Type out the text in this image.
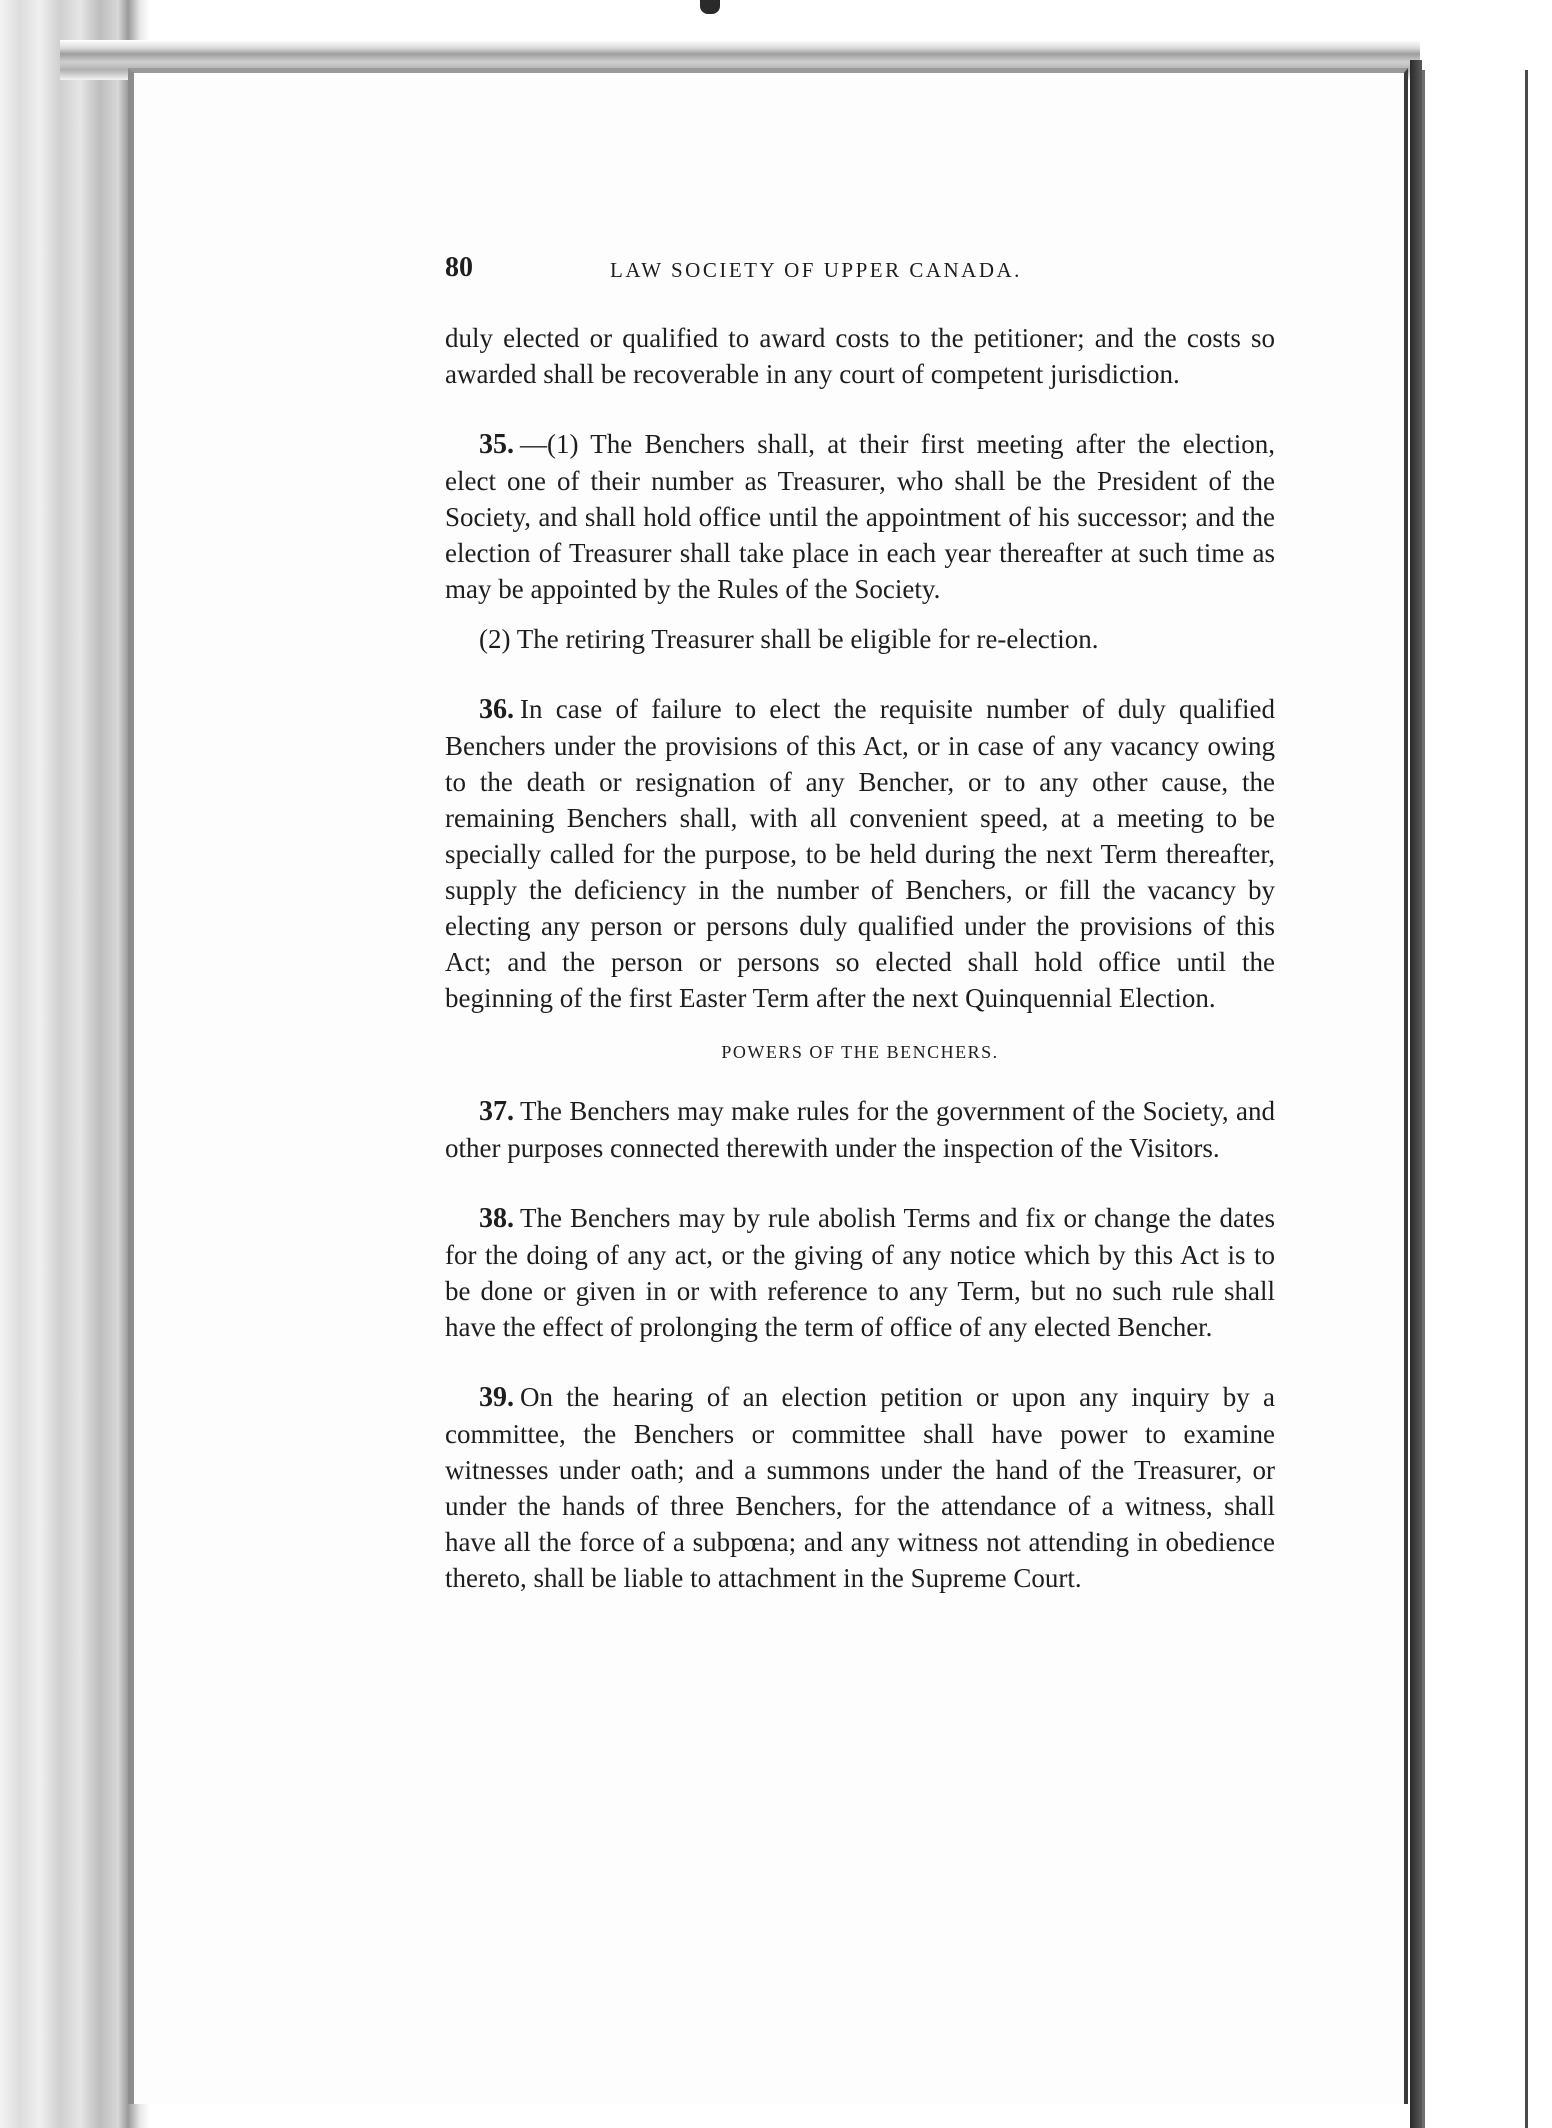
80	LAW SOCIETY OF UPPER CANADA.

duly elected or qualified to award costs to the petitioner; and the costs so awarded shall be recoverable in any court of competent jurisdiction.

35. —(1) The Benchers shall, at their first meeting after the election, elect one of their number as Treasurer, who shall be the President of the Society, and shall hold office until the appointment of his successor; and the election of Treasurer shall take place in each year thereafter at such time as may be appointed by the Rules of the Society.

(2) The retiring Treasurer shall be eligible for re-election.

36. In case of failure to elect the requisite number of duly qualified Benchers under the provisions of this Act, or in case of any vacancy owing to the death or resignation of any Bencher, or to any other cause, the remaining Benchers shall, with all convenient speed, at a meeting to be specially called for the purpose, to be held during the next Term thereafter, supply the deficiency in the number of Benchers, or fill the vacancy by electing any person or persons duly qualified under the provisions of this Act; and the person or persons so elected shall hold office until the beginning of the first Easter Term after the next Quinquennial Election.

POWERS OF THE BENCHERS.

37. The Benchers may make rules for the government of the Society, and other purposes connected therewith under the inspection of the Visitors.

38. The Benchers may by rule abolish Terms and fix or change the dates for the doing of any act, or the giving of any notice which by this Act is to be done or given in or with reference to any Term, but no such rule shall have the effect of prolonging the term of office of any elected Bencher.

39. On the hearing of an election petition or upon any inquiry by a committee, the Benchers or committee shall have power to examine witnesses under oath; and a summons under the hand of the Treasurer, or under the hands of three Benchers, for the attendance of a witness, shall have all the force of a subpœna; and any witness not attending in obedience thereto, shall be liable to attachment in the Supreme Court.
